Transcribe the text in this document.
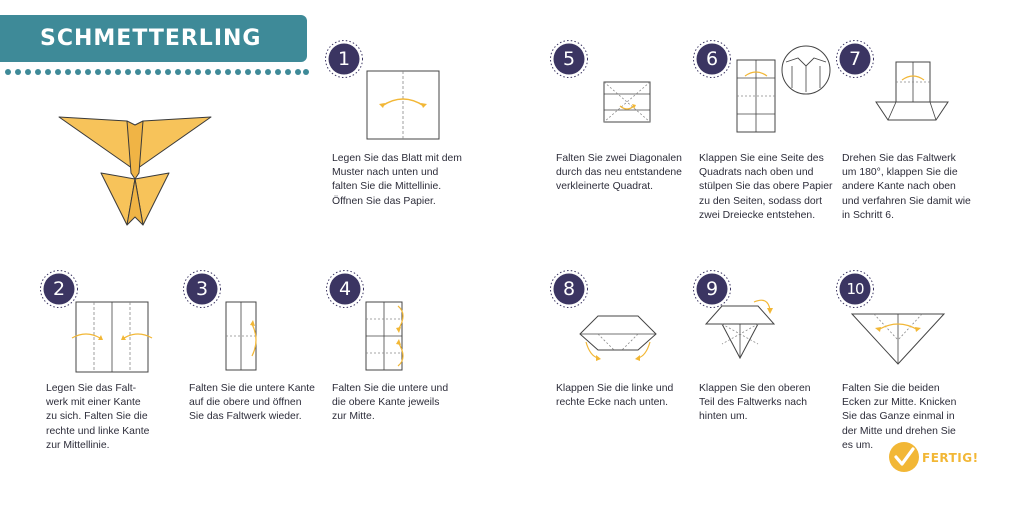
SCHMETTERLING
1
Legen Sie das Blatt mit dem
Muster nach unten und
falten Sie die Mittellinie.
Öffnen Sie das Papier.
5
Falten Sie zwei Diagonalen
durch das neu entstandene
verkleinerte Quadrat.
6
Klappen Sie eine Seite des
Quadrats nach oben und
stülpen Sie das obere Papier
zu den Seiten, sodass dort
zwei Dreiecke entstehen.
7
Drehen Sie das Faltwerk
um 180°, klappen Sie die
andere Kante nach oben
und verfahren Sie damit wie
in Schritt 6.
2
Legen Sie das Falt-
werk mit einer Kante
zu sich. Falten Sie die
rechte und linke Kante
zur Mittellinie.
3
Falten Sie die untere Kante
auf die obere und öffnen
Sie das Faltwerk wieder.
4
Falten Sie die untere und
die obere Kante jeweils
zur Mitte.
8
Klappen Sie die linke und
rechte Ecke nach unten.
9
Klappen Sie den oberen
Teil des Faltwerks nach
hinten um.
10
Falten Sie die beiden
Ecken zur Mitte. Knicken
Sie das Ganze einmal in
der Mitte und drehen Sie
es um.
FERTIG!
